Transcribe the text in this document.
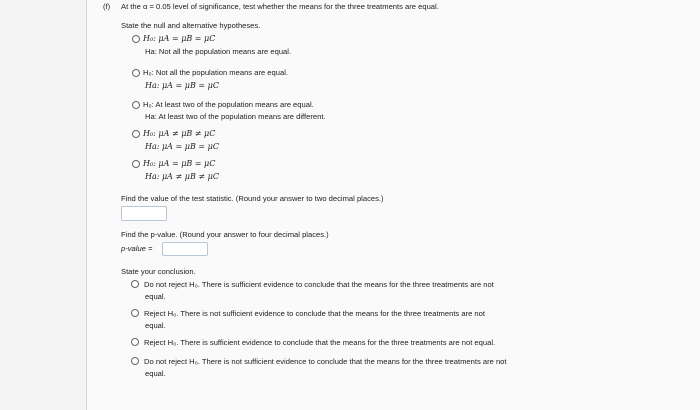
(f) At the α = 0.05 level of significance, test whether the means for the three treatments are equal.
State the null and alternative hypotheses.
H₀: μA = μB = μC
Ha: Not all the population means are equal.
H₀: Not all the population means are equal.
Ha: μA = μB = μC
H₀: At least two of the population means are equal.
Ha: At least two of the population means are different.
H₀: μA ≠ μB ≠ μC
Ha: μA = μB = μC
H₀: μA = μB = μC
Ha: μA ≠ μB ≠ μC
Find the value of the test statistic. (Round your answer to two decimal places.)
Find the p-value. (Round your answer to four decimal places.)
p-value =
State your conclusion.
Do not reject H₀. There is sufficient evidence to conclude that the means for the three treatments are not
equal.
Reject H₀. There is not sufficient evidence to conclude that the means for the three treatments are not
equal.
Reject H₀. There is sufficient evidence to conclude that the means for the three treatments are not equal.
Do not reject H₀. There is not sufficient evidence to conclude that the means for the three treatments are not
equal.
